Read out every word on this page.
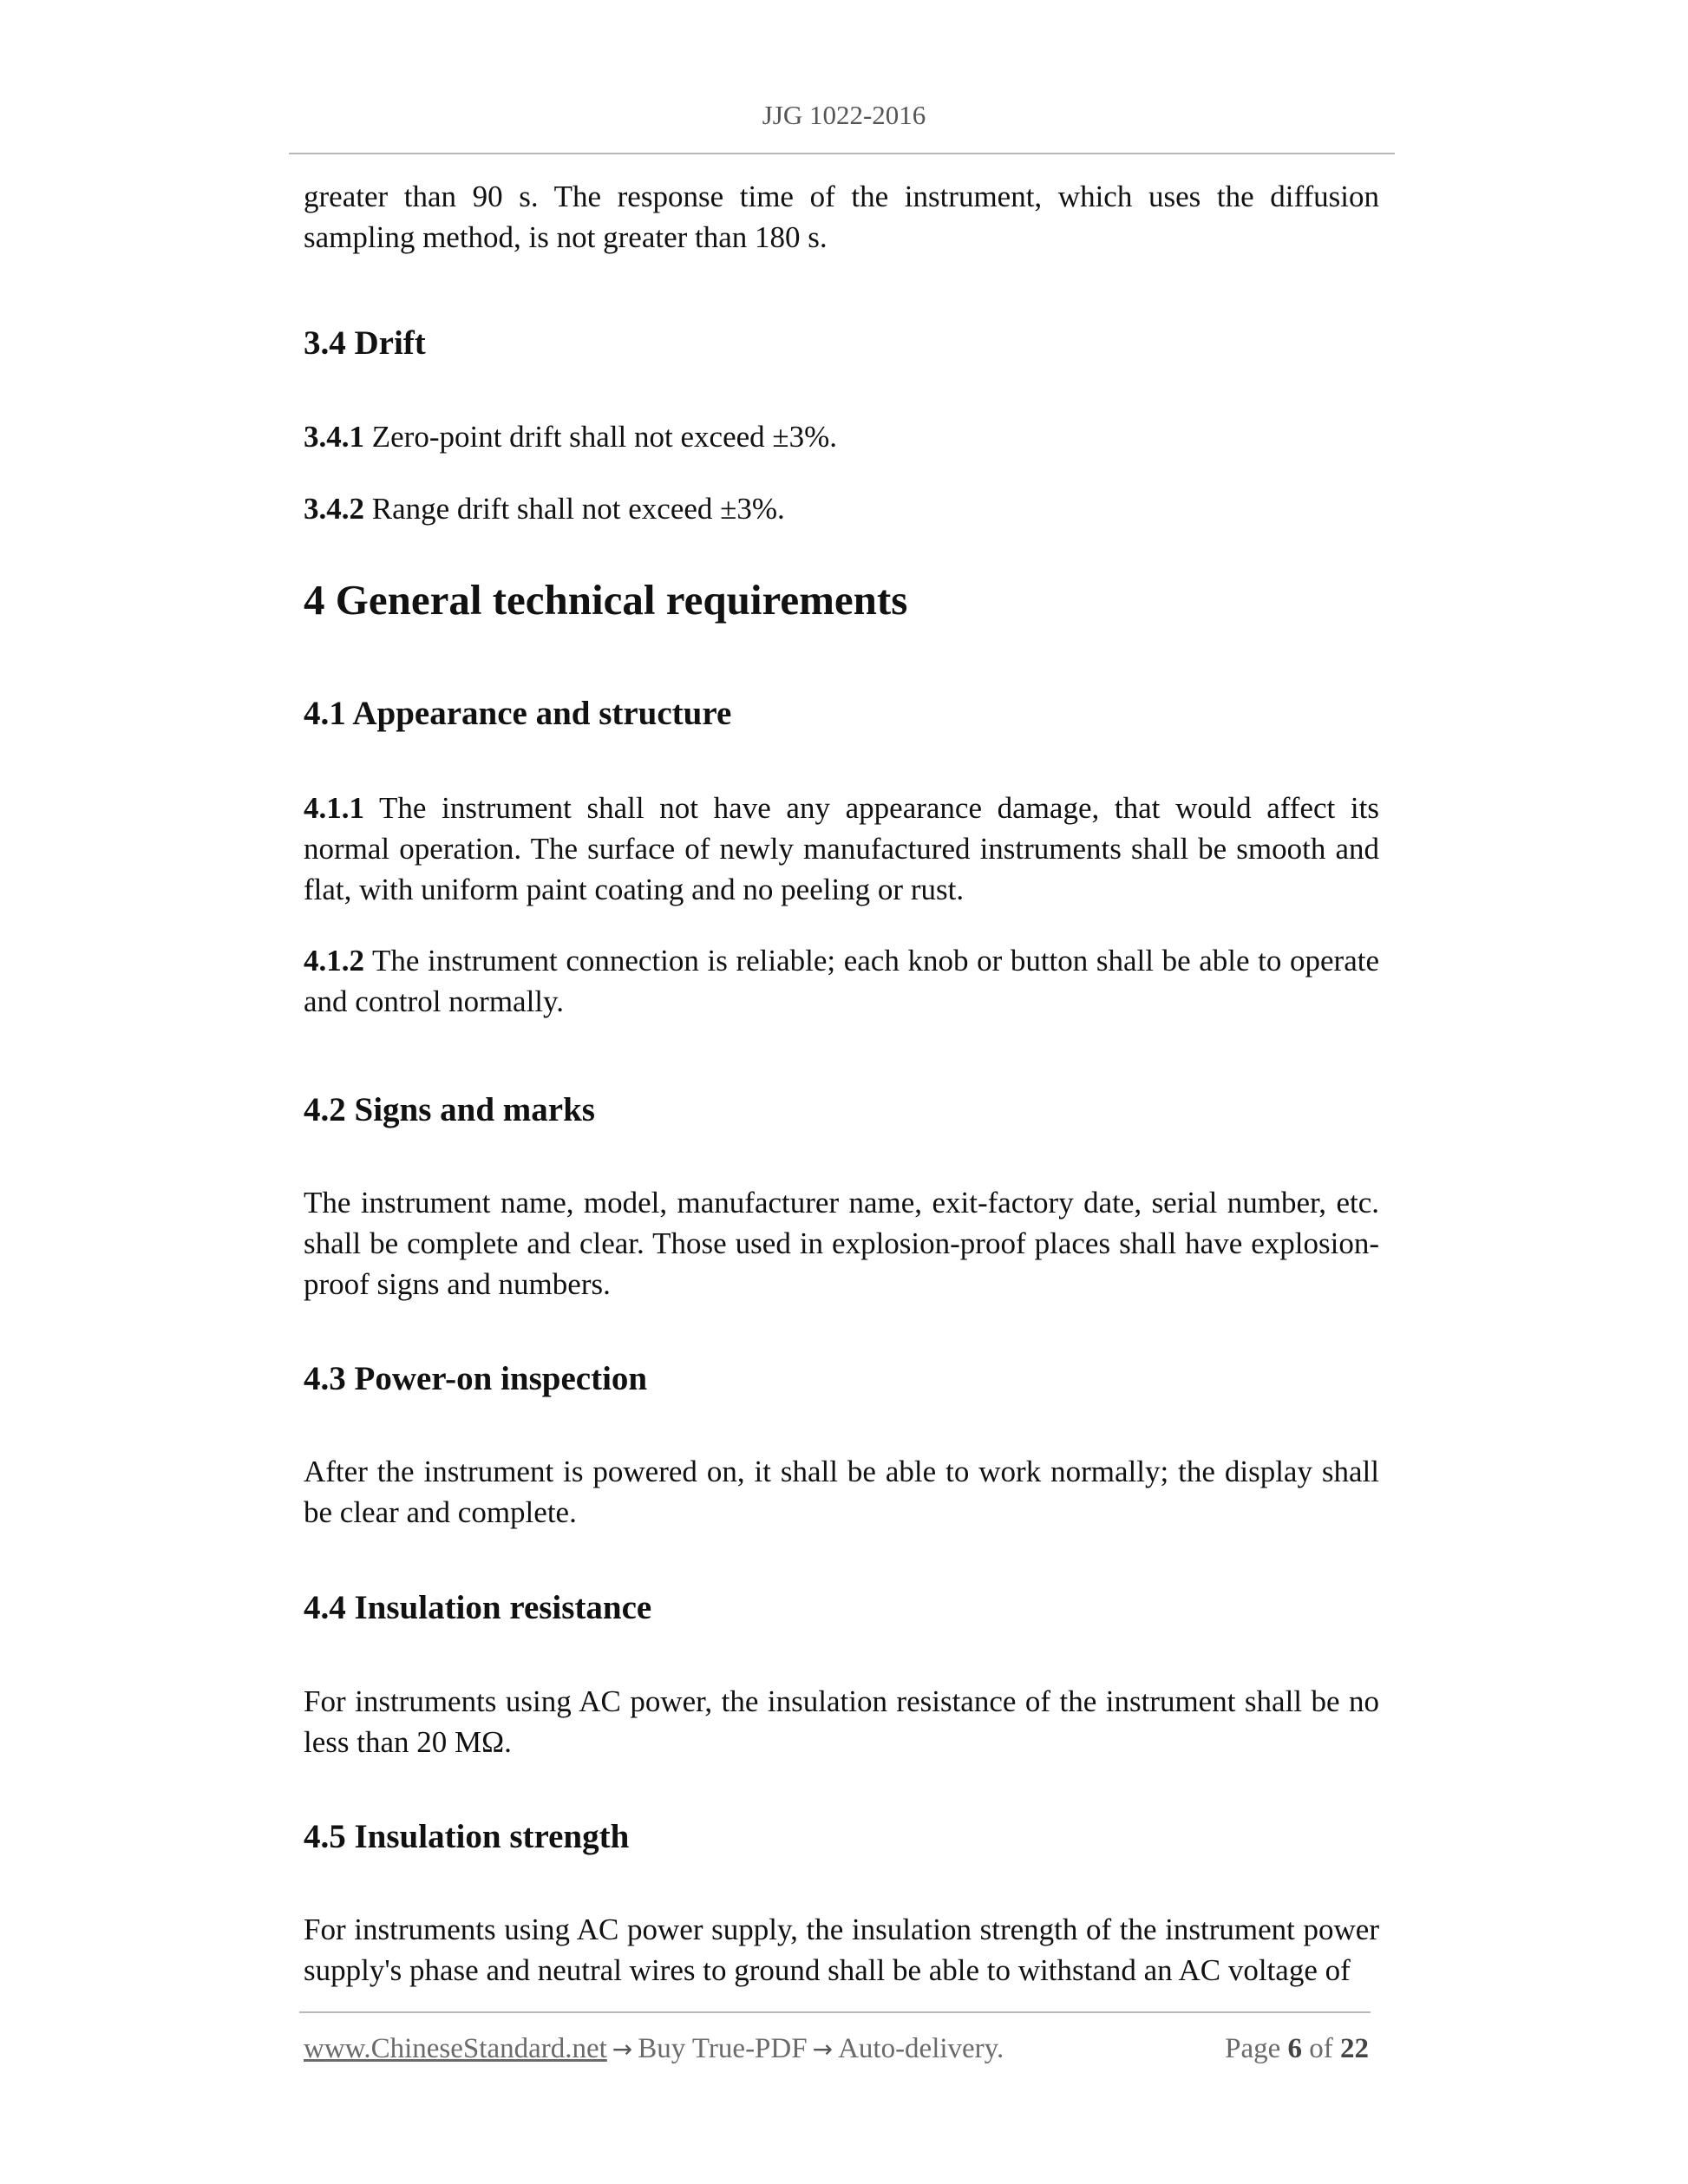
JJG 1022-2016

greater than 90 s. The response time of the instrument, which uses the diffusion sampling method, is not greater than 180 s.

3.4 Drift

3.4.1 Zero-point drift shall not exceed ±3%.

3.4.2 Range drift shall not exceed ±3%.

4 General technical requirements
4.1 Appearance and structure

4.1.1 The instrument shall not have any appearance damage, that would affect its normal operation. The surface of newly manufactured instruments shall be smooth and flat, with uniform paint coating and no peeling or rust.

4.1.2 The instrument connection is reliable; each knob or button shall be able to operate and control normally.

4.2 Signs and marks

The instrument name, model, manufacturer name, exit-factory date, serial number, etc. shall be complete and clear. Those used in explosion-proof places shall have explosion-proof signs and numbers.

4.3 Power-on inspection

After the instrument is powered on, it shall be able to work normally; the display shall be clear and complete.

4.4 Insulation resistance

For instruments using AC power, the insulation resistance of the instrument shall be no less than 20 MΩ.

4.5 Insulation strength

For instruments using AC power supply, the insulation strength of the instrument power supply's phase and neutral wires to ground shall be able to withstand an AC voltage of

www.ChineseStandard.net → Buy True-PDF → Auto-delivery.	Page 6 of 22
